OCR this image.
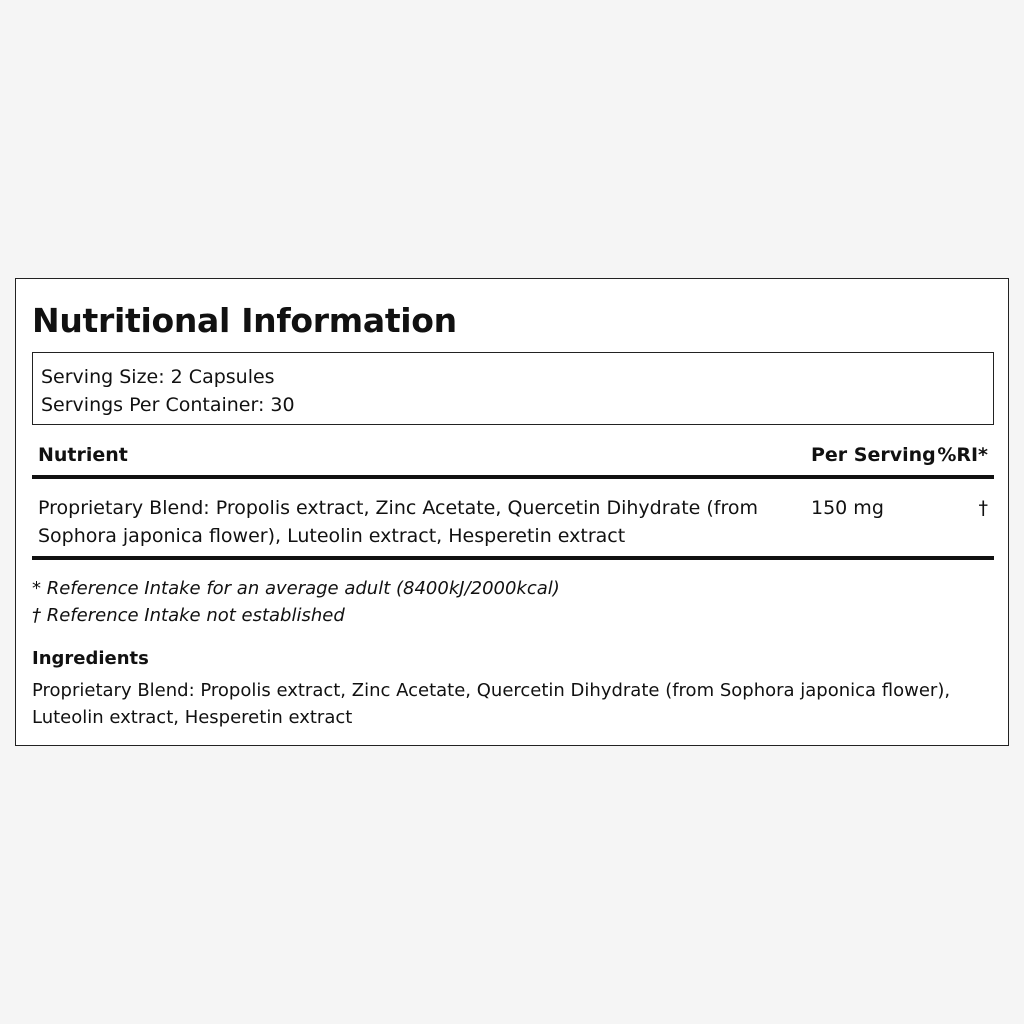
Nutritional Information
Serving Size: 2 Capsules
Servings Per Container: 30
Nutrient	Per Serving %RI*
Proprietary Blend: Propolis extract, Zinc Acetate, Quercetin Dihydrate (from Sophora japonica flower), Luteolin extract, Hesperetin extract
150 mg	†
* Reference Intake for an average adult (8400kJ/2000kcal)
† Reference Intake not established
Ingredients
Proprietary Blend: Propolis extract, Zinc Acetate, Quercetin Dihydrate (from Sophora japonica flower), Luteolin extract, Hesperetin extract
